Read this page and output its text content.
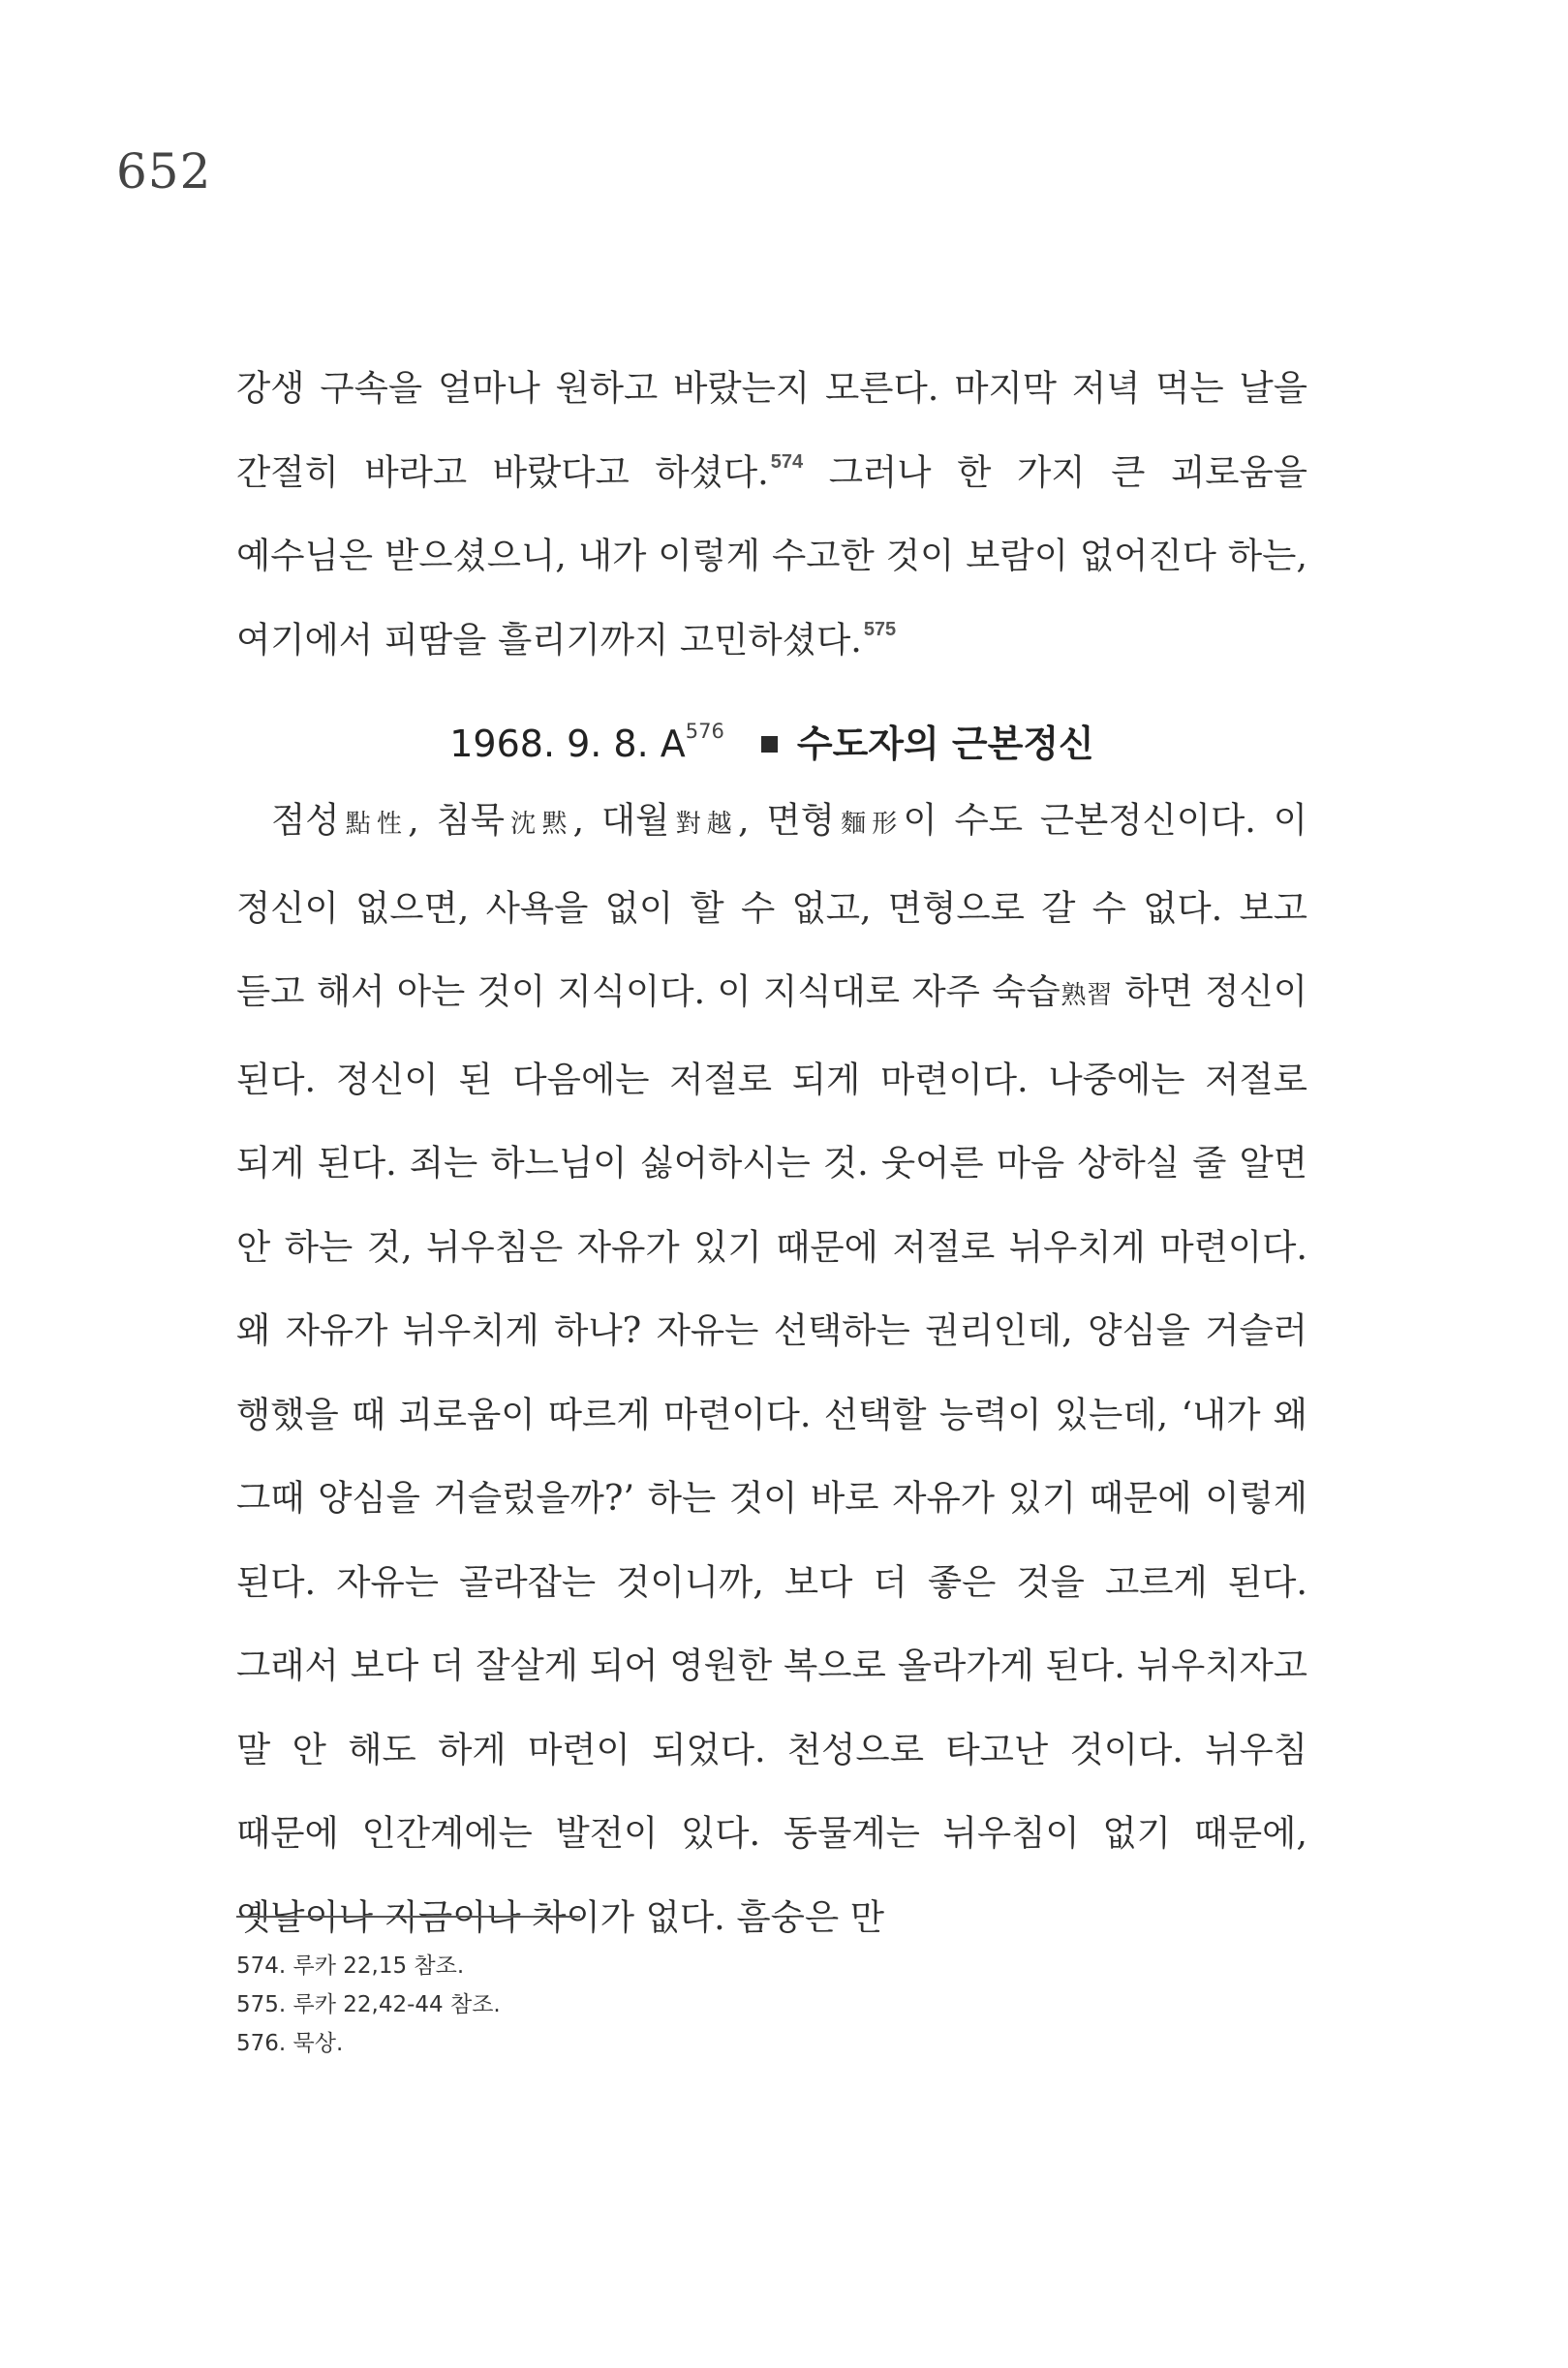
652

강생 구속을 얼마나 원하고 바랐는지 모른다. 마지막 저녁 먹는 날을 간절히 바라고 바랐다고 하셨다. $^{574}$ 그러나 한 가지 큰 괴로움을 예수님은 받으셨으니, 내가 이렇게 수고한 것이 보람이 없어진다 하는, 여기에서 피땀을 흘리기까지 고민하셨다. $^{575}$

1968. 9. 8. $A^{576}$ 수도자의 근본정신

점성點性, 침묵沈黙, 대월對越, 면형麵形이 수도 근본정신이다. 이 정신이 없으면, 사욕을 없이 할 수 없고, 면형으로 갈 수 없다. 보고 듣고 해서 아는 것이 지식이다. 이 지식대로 자주 숙습熟習 하면 정신이 된다. 정신이 된 다음에는 저절로 되게 마련이다. 나중에는 저절로 되게 된다. 죄는 하느님이 싫어하시는 것. 웃어른 마음 상하실 줄 알면 안 하는 것, 뉘우침은 자유가 있기 때문에 저절로 뉘우치게 마련이다. 왜 자유가 뉘우치게 하나? 자유는 선택하는 권리인데, 양심을 거슬러 행했을 때 괴로움이 따르게 마련이다. 선택할 능력이 있는데, ‘내가 왜 그때 양심을 거슬렀을까?’ 하는 것이 바로 자유가 있기 때문에 이렇게 된다. 자유는 골라잡는 것이니까, 보다 더 좋은 것을 고르게 된다. 그래서 보다 더 잘살게 되어 영원한 복으로 올라가게 된다. 뉘우치자고 말 안 해도 하게 마련이 되었다. 천성으로 타고난 것이다. 뉘우침 때문에 인간계에는 발전이 있다. 동물계는 뉘우침이 없기 때문에, 옛날이나 지금이나 차이가 없다. 흠숭은 만

574. 루카 22,15 참조.

575. 루카 22,42-44 참조.

576. 묵상.
